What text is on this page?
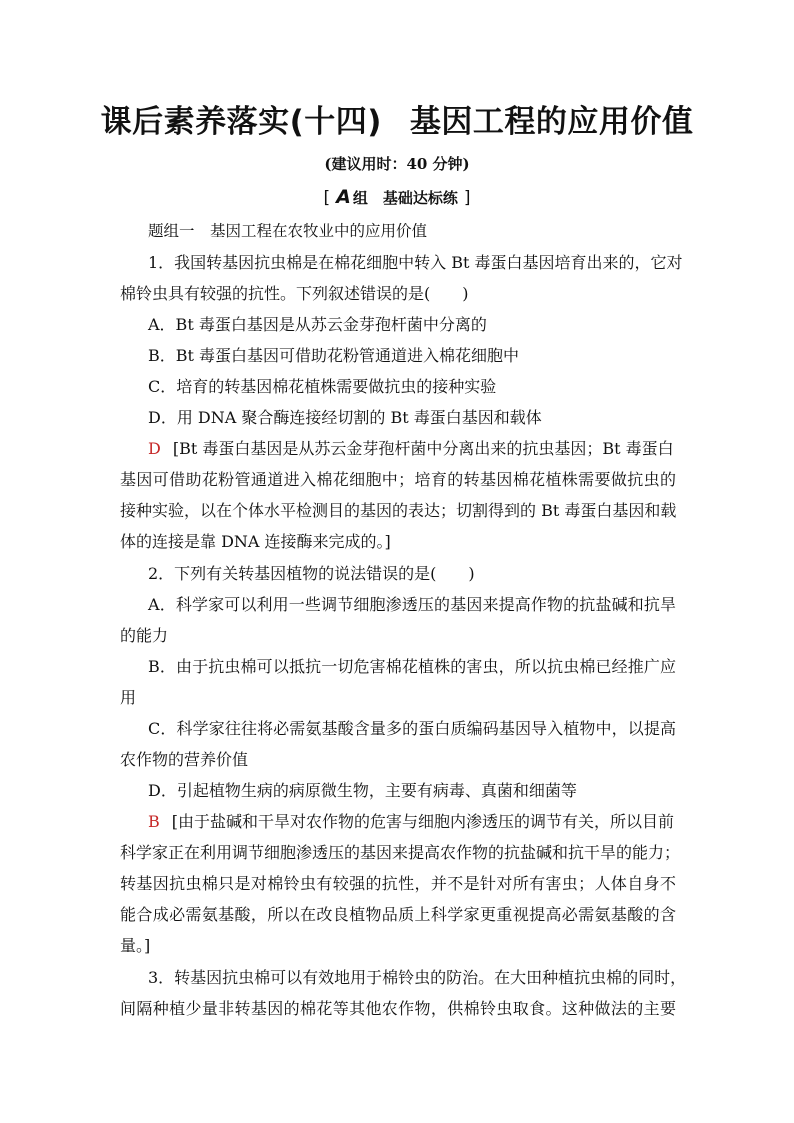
课后素养落实(十四) 基因工程的应用价值
(建议用时：40 分钟)
[ A 组　基础达标练 ]
题组一　基因工程在农牧业中的应用价值
1．我国转基因抗虫棉是在棉花细胞中转入 Bt 毒蛋白基因培育出来的，它对
棉铃虫具有较强的抗性。下列叙述错误的是(　　)
A．Bt 毒蛋白基因是从苏云金芽孢杆菌中分离的
B．Bt 毒蛋白基因可借助花粉管通道进入棉花细胞中
C．培育的转基因棉花植株需要做抗虫的接种实验
D．用 DNA 聚合酶连接经切割的 Bt 毒蛋白基因和载体
D [Bt 毒蛋白基因是从苏云金芽孢杆菌中分离出来的抗虫基因；Bt 毒蛋白
基因可借助花粉管通道进入棉花细胞中；培育的转基因棉花植株需要做抗虫的
接种实验，以在个体水平检测目的基因的表达；切割得到的 Bt 毒蛋白基因和载
体的连接是靠 DNA 连接酶来完成的。]
2．下列有关转基因植物的说法错误的是(　　)
A．科学家可以利用一些调节细胞渗透压的基因来提高作物的抗盐碱和抗旱
的能力
B．由于抗虫棉可以抵抗一切危害棉花植株的害虫，所以抗虫棉已经推广应
用
C．科学家往往将必需氨基酸含量多的蛋白质编码基因导入植物中，以提高
农作物的营养价值
D．引起植物生病的病原微生物，主要有病毒、真菌和细菌等
B [由于盐碱和干旱对农作物的危害与细胞内渗透压的调节有关，所以目前
科学家正在利用调节细胞渗透压的基因来提高农作物的抗盐碱和抗干旱的能力；
转基因抗虫棉只是对棉铃虫有较强的抗性，并不是针对所有害虫；人体自身不
能合成必需氨基酸，所以在改良植物品质上科学家更重视提高必需氨基酸的含
量。]
3．转基因抗虫棉可以有效地用于棉铃虫的防治。在大田种植抗虫棉的同时，
间隔种植少量非转基因的棉花等其他农作物，供棉铃虫取食。这种做法的主要
